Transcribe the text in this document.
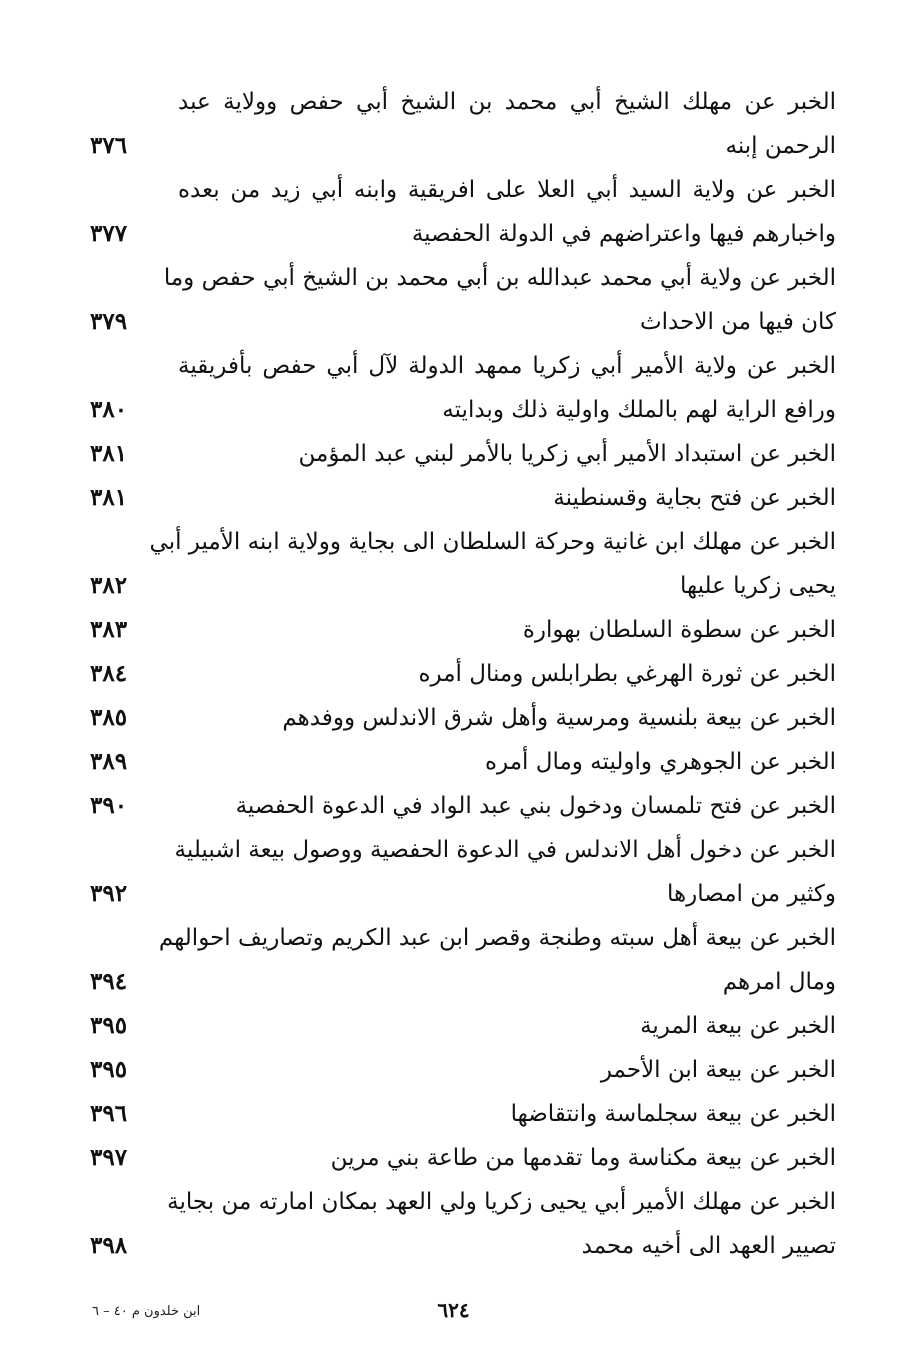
الخبر عن مهلك الشيخ أبي محمد بن الشيخ أبي حفص وولاية عبد
الرحمن إبنه
٣٧٦
الخبر عن ولاية السيد أبي العلا على افريقية وابنه أبي زيد من بعده
واخبارهم فيها واعتراضهم في الدولة الحفصية
٣٧٧
الخبر عن ولاية أبي محمد عبدالله بن أبي محمد بن الشيخ أبي حفص وما
كان فيها من الاحداث
٣٧٩
الخبر عن ولاية الأمير أبي زكريا ممهد الدولة لآل أبي حفص بأفريقية
ورافع الراية لهم بالملك واولية ذلك وبدايته
٣٨٠
الخبر عن استبداد الأمير أبي زكريا بالأمر لبني عبد المؤمن
٣٨١
الخبر عن فتح بجاية وقسنطينة
٣٨١
الخبر عن مهلك ابن غانية وحركة السلطان الى بجاية وولاية ابنه الأمير أبي
يحيى زكريا عليها
٣٨٢
الخبر عن سطوة السلطان بهوارة
٣٨٣
الخبر عن ثورة الهرغي بطرابلس ومنال أمره
٣٨٤
الخبر عن بيعة بلنسية ومرسية وأهل شرق الاندلس ووفدهم
٣٨٥
الخبر عن الجوهري واوليته ومال أمره
٣٨٩
الخبر عن فتح تلمسان ودخول بني عبد الواد في الدعوة الحفصية
٣٩٠
الخبر عن دخول أهل الاندلس في الدعوة الحفصية ووصول بيعة اشبيلية
وكثير من امصارها
٣٩٢
الخبر عن بيعة أهل سبته وطنجة وقصر ابن عبد الكريم وتصاريف احوالهم
ومال امرهم
٣٩٤
الخبر عن بيعة المرية
٣٩٥
الخبر عن بيعة ابن الأحمر
٣٩٥
الخبر عن بيعة سجلماسة وانتقاضها
٣٩٦
الخبر عن بيعة مكناسة وما تقدمها من طاعة بني مرين
٣٩٧
الخبر عن مهلك الأمير أبي يحيى زكريا ولي العهد بمكان امارته من بجاية
تصيير العهد الى أخيه محمد
٣٩٨
٦٢٤
ابن خلدون م ٤٠ – ٦
